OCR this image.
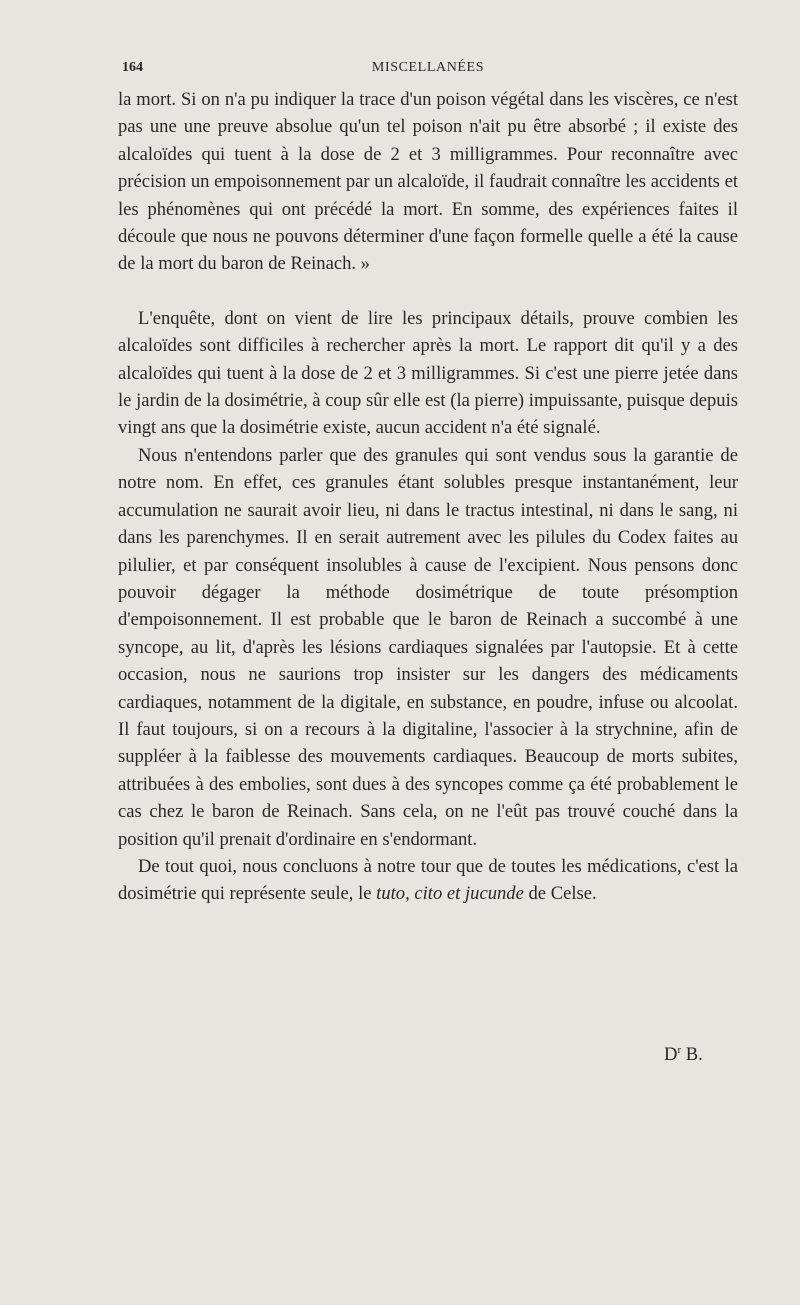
164	MISCELLANÉES

la mort. Si on n'a pu indiquer la trace d'un poison végétal dans les viscères, ce n'est pas une une preuve absolue qu'un tel poison n'ait pu être absorbé ; il existe des alcaloïdes qui tuent à la dose de 2 et 3 milligrammes. Pour reconnaître avec précision un empoisonnement par un alcaloïde, il faudrait connaître les accidents et les phénomènes qui ont précédé la mort. En somme, des expériences faites il découle que nous ne pouvons déterminer d'une façon formelle quelle a été la cause de la mort du baron de Reinach. »

L'enquête, dont on vient de lire les principaux détails, prouve combien les alcaloïdes sont difficiles à rechercher après la mort. Le rapport dit qu'il y a des alcaloïdes qui tuent à la dose de 2 et 3 milligrammes. Si c'est une pierre jetée dans le jardin de la dosimétrie, à coup sûr elle est (la pierre) impuissante, puisque depuis vingt ans que la dosimétrie existe, aucun accident n'a été signalé.

Nous n'entendons parler que des granules qui sont vendus sous la garantie de notre nom. En effet, ces granules étant solubles presque instantanément, leur accumulation ne saurait avoir lieu, ni dans le tractus intestinal, ni dans le sang, ni dans les parenchymes. Il en serait autrement avec les pilules du Codex faites au pilulier, et par conséquent insolubles à cause de l'excipient. Nous pensons donc pouvoir dégager la méthode dosimétrique de toute présomption d'empoisonnement. Il est probable que le baron de Reinach a succombé à une syncope, au lit, d'après les lésions cardiaques signalées par l'autopsie. Et à cette occasion, nous ne saurions trop insister sur les dangers des médicaments cardiaques, notamment de la digitale, en substance, en poudre, infuse ou alcoolat. Il faut toujours, si on a recours à la digitaline, l'associer à la strychnine, afin de suppléer à la faiblesse des mouvements cardiaques. Beaucoup de morts subites, attribuées à des embolies, sont dues à des syncopes comme ça été probablement le cas chez le baron de Reinach. Sans cela, on ne l'eût pas trouvé couché dans la position qu'il prenait d'ordinaire en s'endormant.

De tout quoi, nous concluons à notre tour que de toutes les médications, c'est la dosimétrie qui représente seule, le tuto, cito et jucunde de Celse.

$D^r$ B.
